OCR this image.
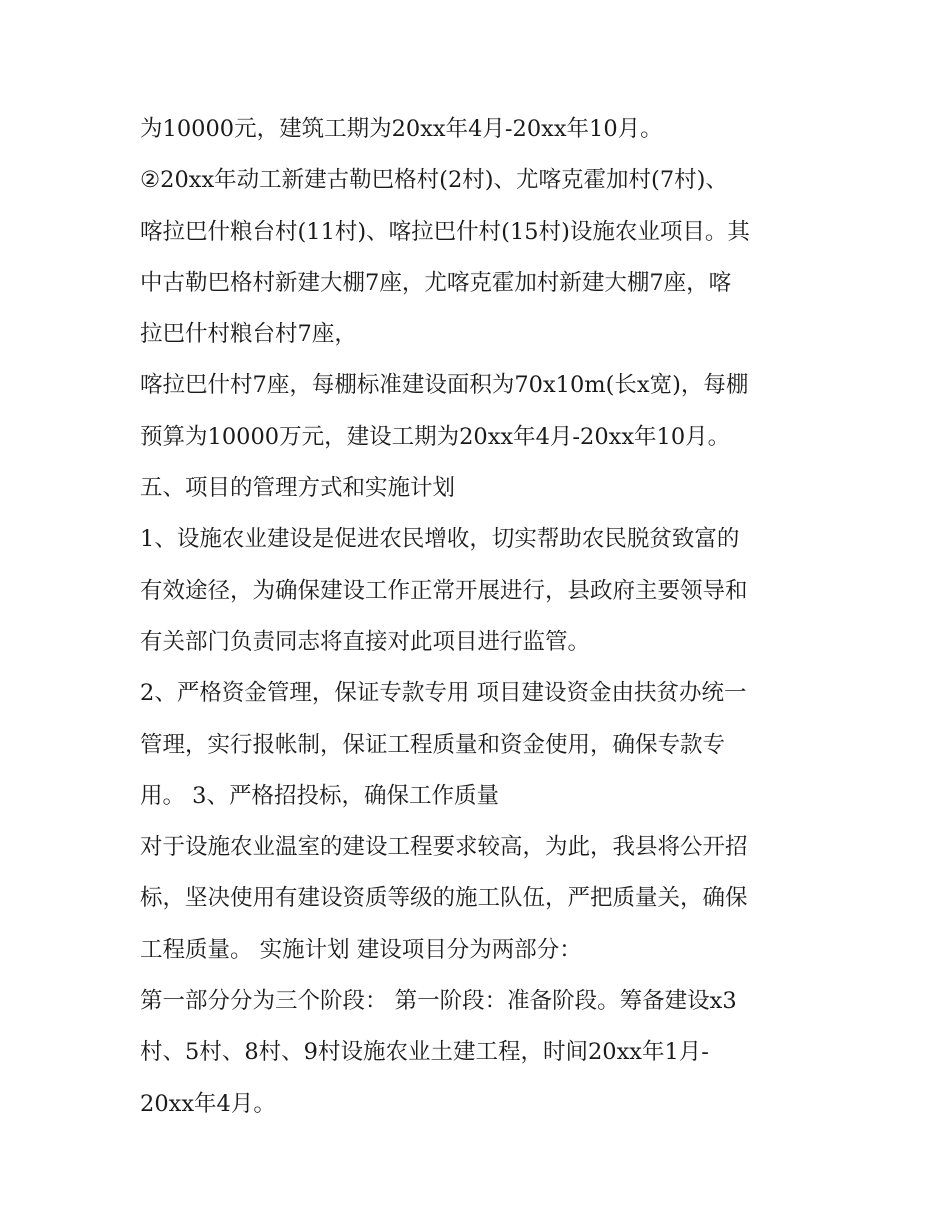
为10000元，建筑工期为20xx年4月-20xx年10月。

②20xx年动工新建古勒巴格村(2村)、尤喀克霍加村(7村)、

喀拉巴什粮台村(11村)、喀拉巴什村(15村)设施农业项目。其

中古勒巴格村新建大棚7座，尤喀克霍加村新建大棚7座，喀

拉巴什村粮台村7座，

喀拉巴什村7座，每棚标准建设面积为70x10m(长x宽)，每棚

预算为10000万元，建设工期为20xx年4月-20xx年10月。

五、项目的管理方式和实施计划

1、设施农业建设是促进农民增收，切实帮助农民脱贫致富的

有效途径，为确保建设工作正常开展进行，县政府主要领导和

有关部门负责同志将直接对此项目进行监管。

2、严格资金管理，保证专款专用 项目建设资金由扶贫办统一

管理，实行报帐制，保证工程质量和资金使用，确保专款专

用。 3、严格招投标，确保工作质量

对于设施农业温室的建设工程要求较高，为此，我县将公开招

标，坚决使用有建设资质等级的施工队伍，严把质量关，确保

工程质量。 实施计划 建设项目分为两部分：

第一部分分为三个阶段： 第一阶段：准备阶段。筹备建设x3

村、5村、8村、9村设施农业土建工程，时间20xx年1月-

20xx年4月。
